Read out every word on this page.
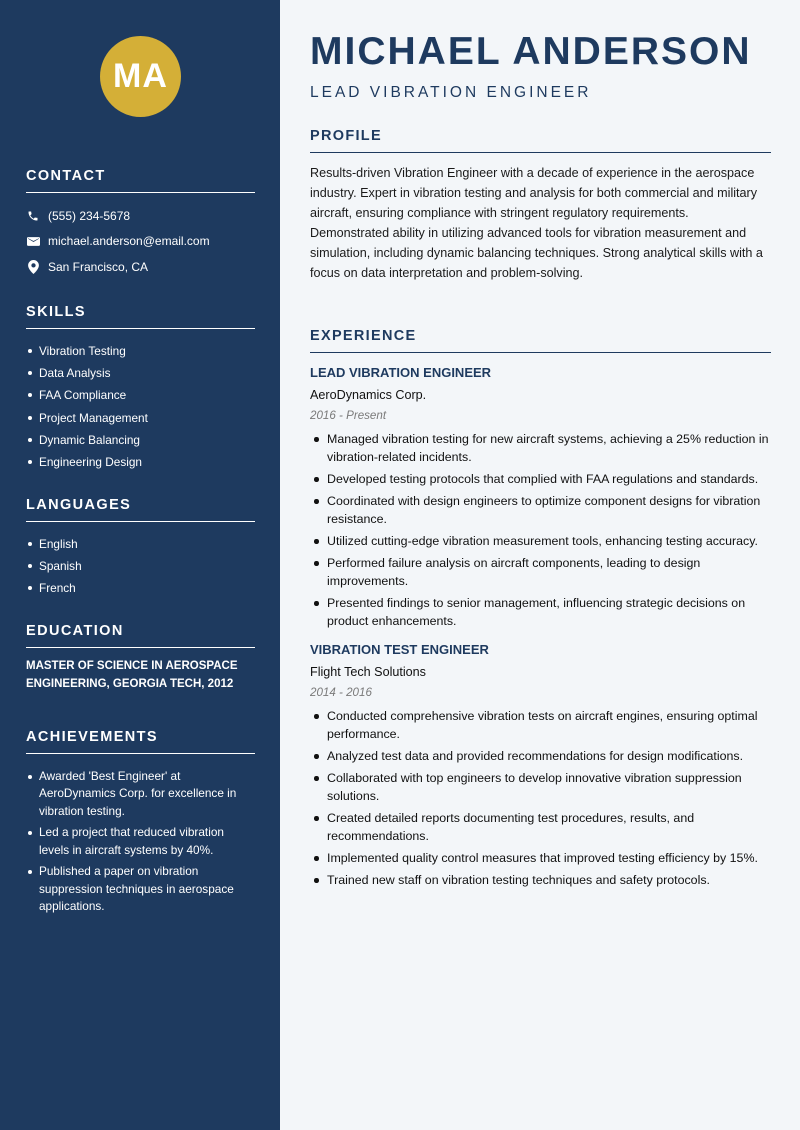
MA
CONTACT
(555) 234-5678
michael.anderson@email.com
San Francisco, CA
SKILLS
Vibration Testing
Data Analysis
FAA Compliance
Project Management
Dynamic Balancing
Engineering Design
LANGUAGES
English
Spanish
French
EDUCATION

MASTER OF SCIENCE IN AEROSPACE ENGINEERING, GEORGIA TECH, 2012

ACHIEVEMENTS
Awarded 'Best Engineer' at AeroDynamics Corp. for excellence in vibration testing.
Led a project that reduced vibration levels in aircraft systems by 40%.
Published a paper on vibration suppression techniques in aerospace applications.
MICHAEL ANDERSON
LEAD VIBRATION ENGINEER
PROFILE

Results-driven Vibration Engineer with a decade of experience in the aerospace industry. Expert in vibration testing and analysis for both commercial and military aircraft, ensuring compliance with stringent regulatory requirements. Demonstrated ability in utilizing advanced tools for vibration measurement and simulation, including dynamic balancing techniques. Strong analytical skills with a focus on data interpretation and problem-solving.

EXPERIENCE
LEAD VIBRATION ENGINEER
AeroDynamics Corp.
2016 - Present
Managed vibration testing for new aircraft systems, achieving a 25% reduction in vibration-related incidents.
Developed testing protocols that complied with FAA regulations and standards.
Coordinated with design engineers to optimize component designs for vibration resistance.
Utilized cutting-edge vibration measurement tools, enhancing testing accuracy.
Performed failure analysis on aircraft components, leading to design improvements.
Presented findings to senior management, influencing strategic decisions on product enhancements.
VIBRATION TEST ENGINEER
Flight Tech Solutions
2014 - 2016
Conducted comprehensive vibration tests on aircraft engines, ensuring optimal performance.
Analyzed test data and provided recommendations for design modifications.
Collaborated with top engineers to develop innovative vibration suppression solutions.
Created detailed reports documenting test procedures, results, and recommendations.
Implemented quality control measures that improved testing efficiency by 15%.
Trained new staff on vibration testing techniques and safety protocols.
